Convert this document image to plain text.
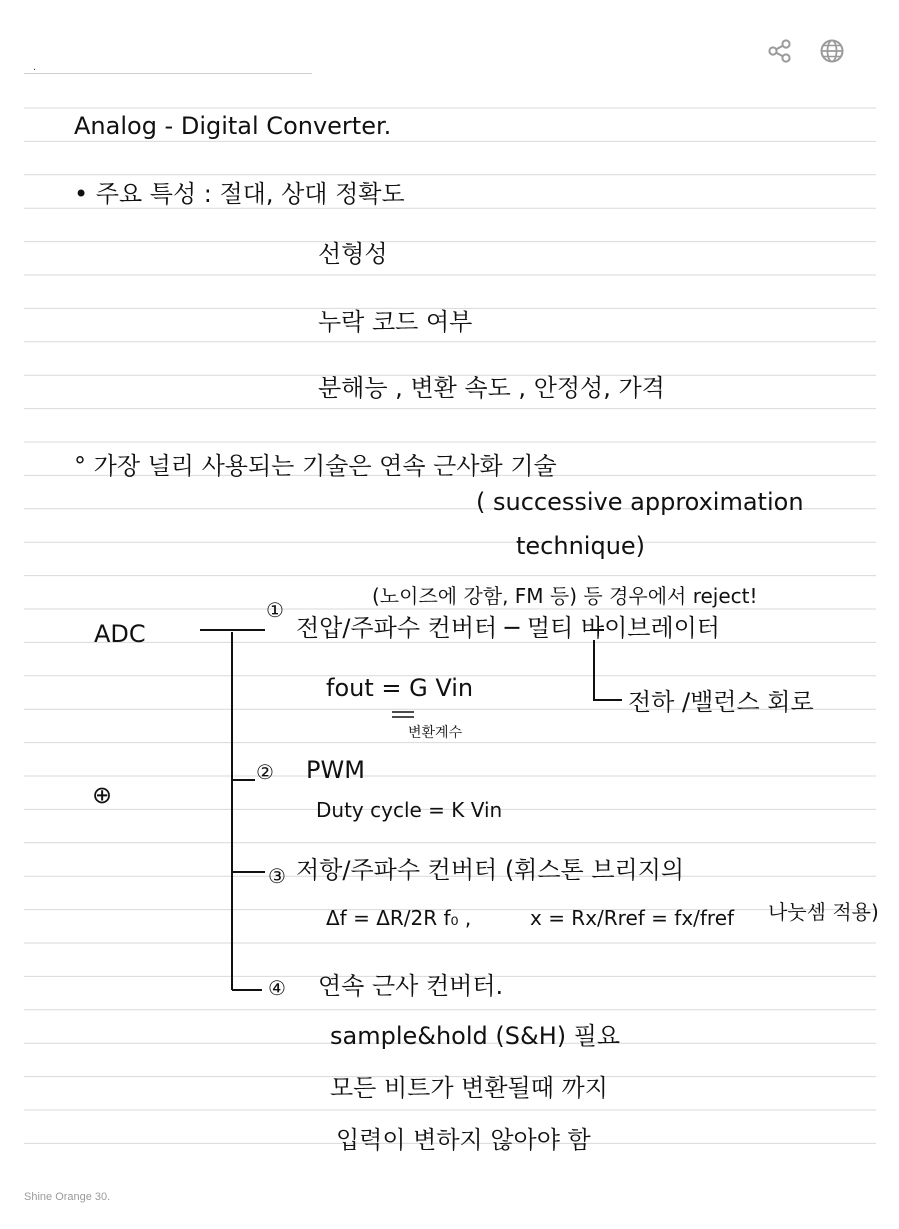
.
Analog - Digital Converter.
• 주요 특성 : 절대, 상대 정확도
선형성
누락 코드 여부
분해능 , 변환 속도 , 안정성, 가격
° 가장 널리 사용되는 기술은 연속 근사화 기술
( successive approximation
technique)
ADC
⊕
(노이즈에 강함, FM 등) 등 경우에서 reject!
①
전압/주파수 컨버터 ─ 멀티 바이브레이터
fout = G Vin
변환계수
전하 /밸런스 회로
② PWM
Duty cycle = K Vin
③ 저항/주파수 컨버터 (휘스톤 브리지의
Δf = ΔR/2R f₀ ,	x = Rx/Rref = fx/fref 나눗셈 적용)
④ 연속 근사 컨버터.
sample&hold (S&H) 필요
모든 비트가 변환될때 까지
입력이 변하지 않아야 함
Shine Orange 30.
